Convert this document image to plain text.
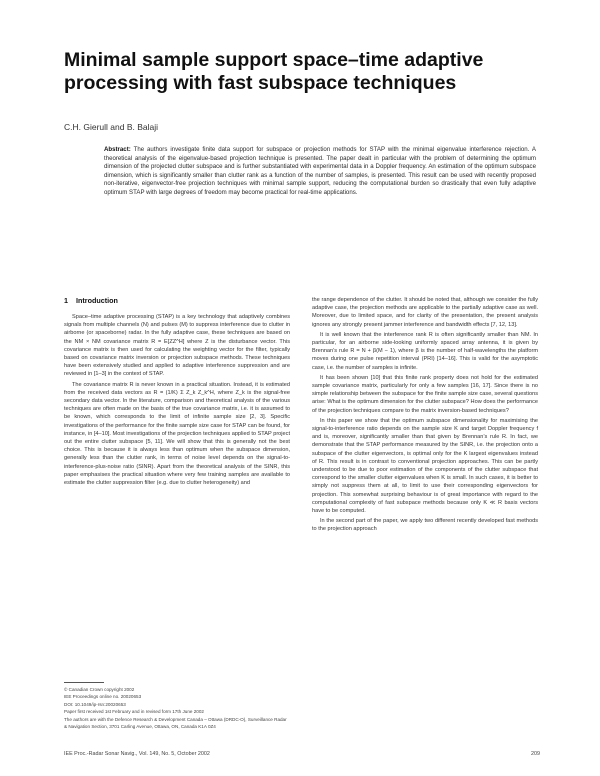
Minimal sample support space–time adaptive processing with fast subspace techniques
C.H. Gierull and B. Balaji

Abstract: The authors investigate finite data support for subspace or projection methods for STAP with the minimal eigenvalue interference rejection. A theoretical analysis of the eigenvalue-based projection technique is presented. The paper dealt in particular with the problem of determining the optimum dimension of the projected clutter subspace and is further substantiated with experimental data in a Doppler frequency. An estimation of the optimum subspace dimension, which is significantly smaller than clutter rank as a function of the number of samples, is presented. This result can be used with recently proposed non-iterative, eigenvector-free projection techniques with minimal sample support, reducing the computational burden so drastically that even fully adaptive optimum STAP with large degrees of freedom may become practical for real-time applications.

1 Introduction

Space–time adaptive processing (STAP) is a key technology that adaptively combines signals from multiple channels (N) and pulses (M) to suppress interference due to clutter in airborne (or spaceborne) radar. In the fully adaptive case, these techniques are based on the NM × NM covariance matrix R = E[ZZ^H] where Z is the disturbance vector. This covariance matrix is then used for calculating the weighting vector for the filter, typically based on covariance matrix inversion or projection subspace methods. These techniques have been extensively studied and applied to adaptive interference suppression and are reviewed in [1–3] in the context of STAP.

The covariance matrix R is never known in a practical situation. Instead, it is estimated from the received data vectors as R = (1/K) Σ Z_k Z_k^H, where Z_k is the signal-free secondary data vector. In the literature, comparison and theoretical analysis of the various techniques are often made on the basis of the true covariance matrix, i.e. it is assumed to be known, which corresponds to the limit of infinite sample size [2, 3]. Specific investigations of the performance for the finite sample size case for STAP can be found, for instance, in [4–10]. Most investigations of the projection techniques applied to STAP project out the entire clutter subspace [5, 11]. We will show that this is generally not the best choice. This is because it is always less than optimum when the subspace dimension, generally less than the clutter rank, in terms of noise level depends on the signal-to-interference-plus-noise ratio (SINR). Apart from the theoretical analysis of the SINR, this paper emphasises the practical situation where very few training samples are available to estimate the clutter suppression filter (e.g. due to clutter heterogeneity) and

the range dependence of the clutter. It should be noted that, although we consider the fully adaptive case, the projection methods are applicable to the partially adaptive case as well. Moreover, due to limited space, and for clarity of the presentation, the present analysis ignores any strongly present jammer interference and bandwidth effects [7, 12, 13].

It is well known that the interference rank R is often significantly smaller than NM. In particular, for an airborne side-looking uniformly spaced array antenna, it is given by Brennan’s rule R = N + β(M − 1), where β is the number of half-wavelengths the platform moves during one pulse repetition interval (PRI) [14–16]. This is valid for the asymptotic case, i.e. the number of samples is infinite.

It has been shown [10] that this finite rank property does not hold for the estimated sample covariance matrix, particularly for only a few samples [16, 17]. Since there is no simple relationship between the subspace for the finite sample size case, several questions arise: What is the optimum dimension for the clutter subspace? How does the performance of the projection techniques compare to the matrix inversion-based techniques?

In this paper we show that the optimum subspace dimensionality for maximising the signal-to-interference ratio depends on the sample size K and target Doppler frequency f and is, moreover, significantly smaller than that given by Brennan’s rule R. In fact, we demonstrate that the STAP performance measured by the SINR, i.e. the projection onto a subspace of the clutter eigenvectors, is optimal only for the K largest eigenvalues instead of R. This result is in contrast to conventional projection approaches. This can be partly understood to be due to poor estimation of the components of the clutter subspace that correspond to the smaller clutter eigenvalues when K is small. In such cases, it is better to simply not suppress them at all, to limit to use their corresponding eigenvectors for projection. This somewhat surprising behaviour is of great importance with regard to the computational complexity of fast subspace methods because only K ≪ R basis vectors have to be computed.

In the second part of the paper, we apply two different recently developed fast methods to the projection approach

© Canadian Crown copyright 2002

IEE Proceedings online no. 20020653

DOI: 10.1049/ip-rsn:20020653

Paper first received 1st February and in revised form 17th June 2002

The authors are with the Defence Research & Development Canada – Ottawa (DRDC-O), Surveillance Radar & Navigation Section, 3701 Carling Avenue, Ottawa, ON, Canada K1A 0Z4

IEE Proc.-Radar Sonar Navig., Vol. 149, No. 5, October 2002	209
